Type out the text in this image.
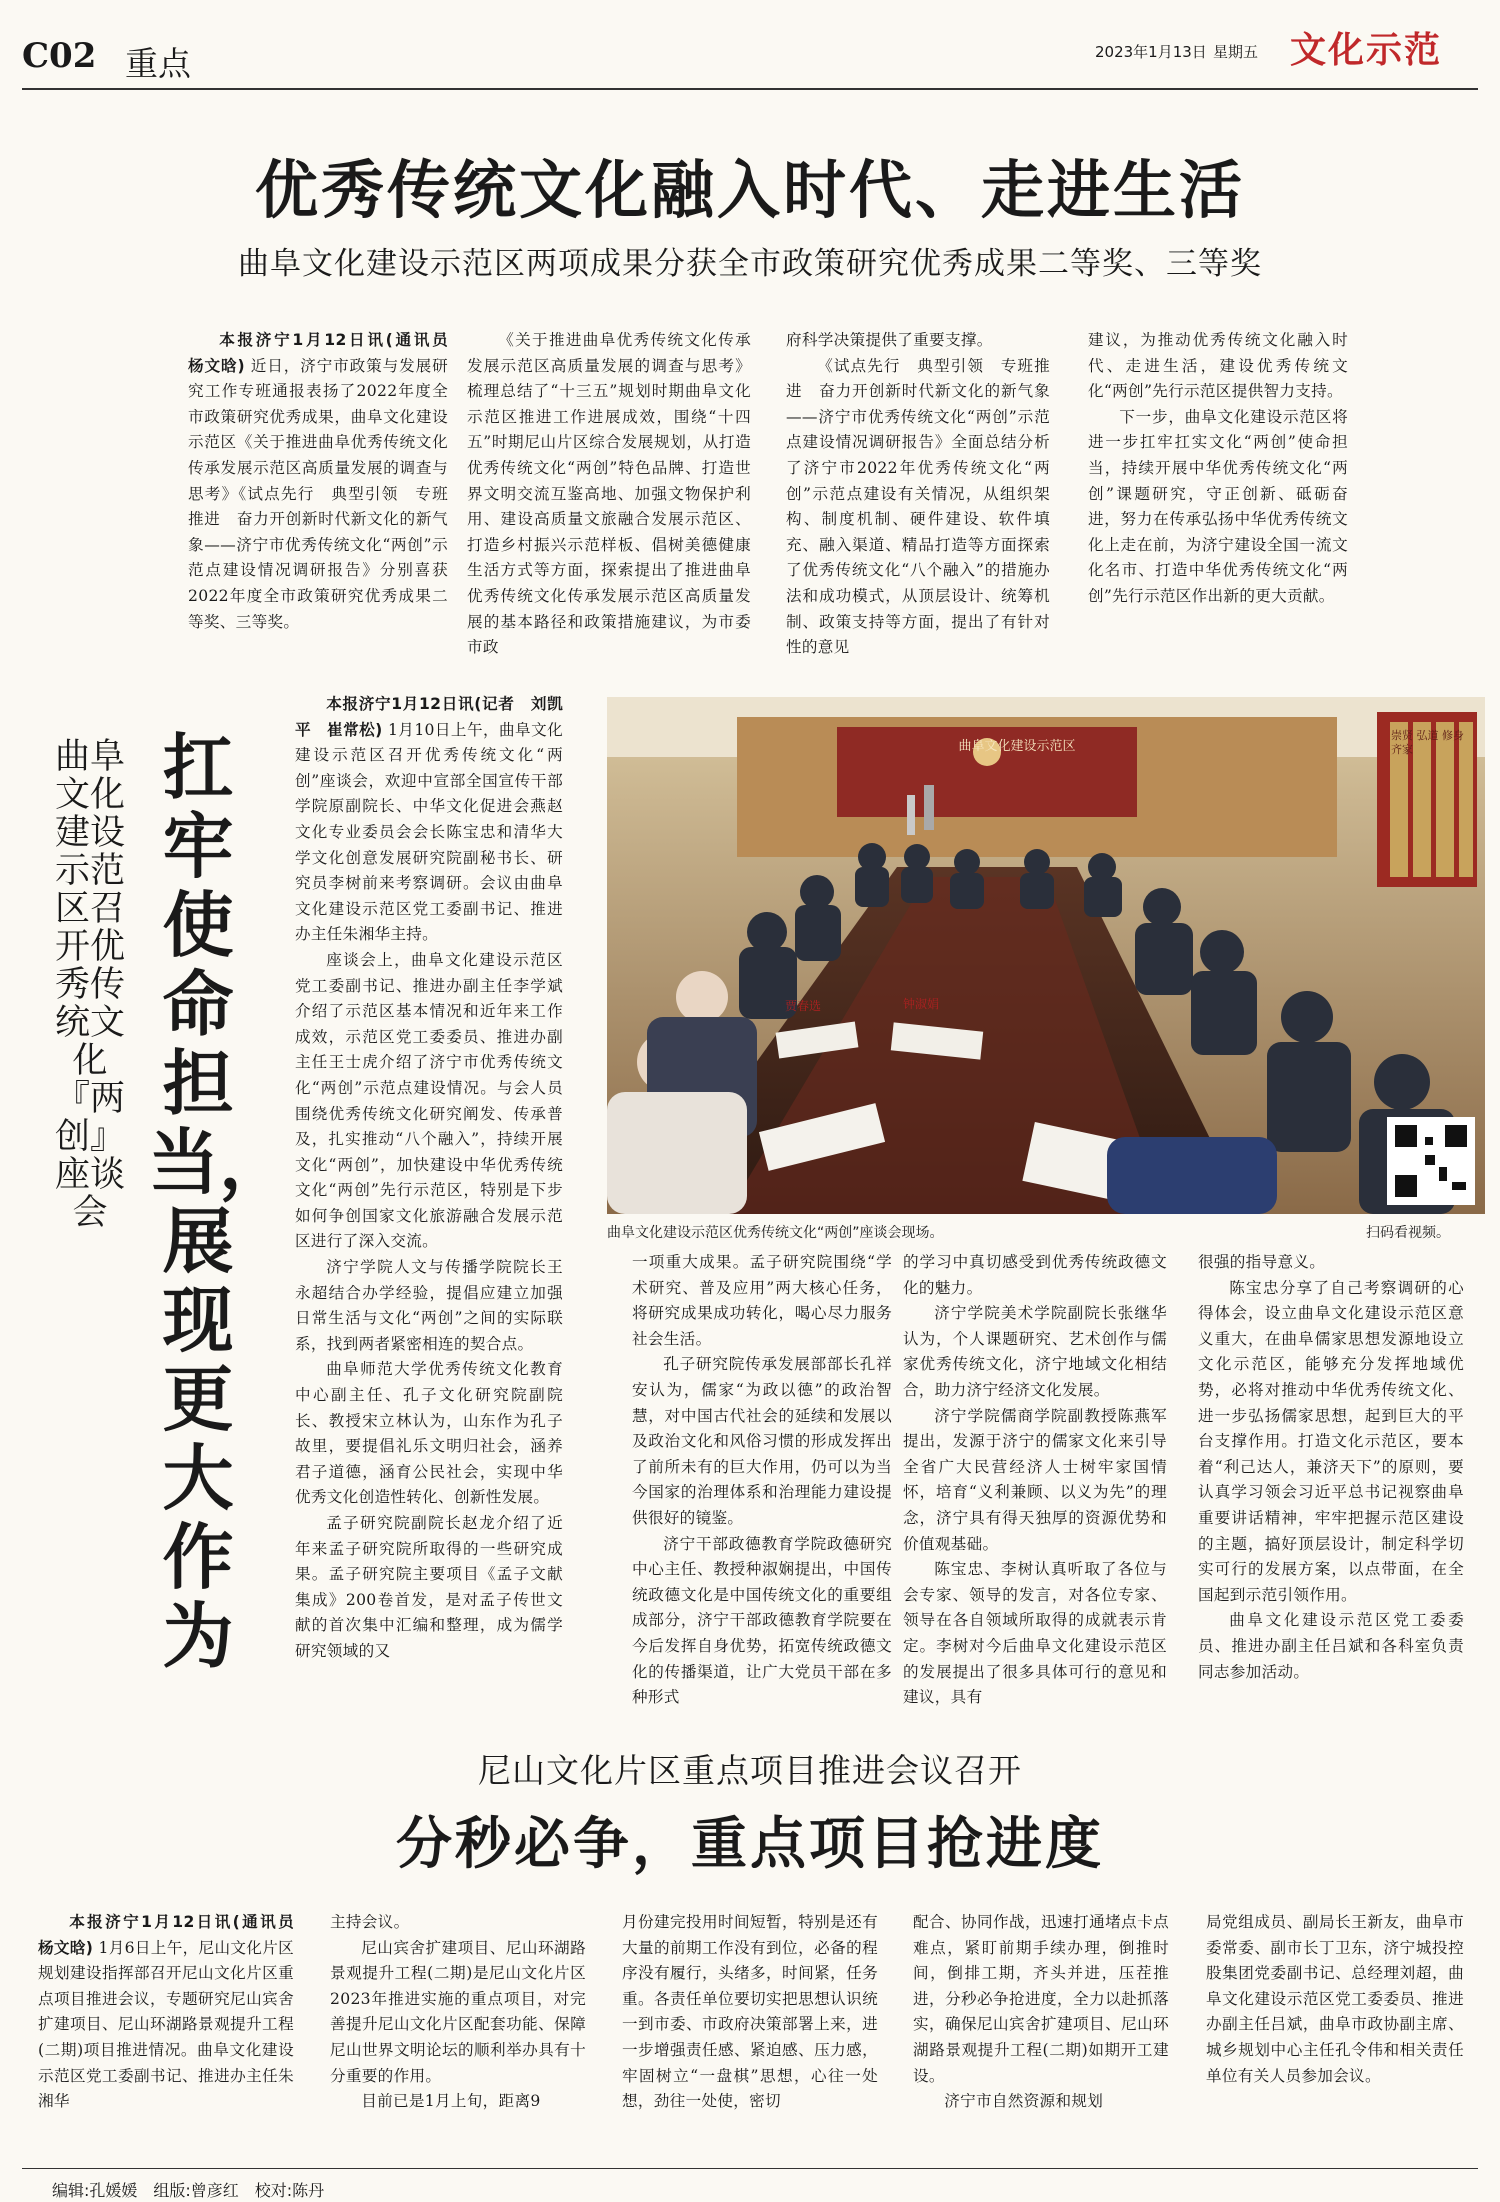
C02 重点	2023年1月13日 星期五 文化示范
优秀传统文化融入时代、走进生活
曲阜文化建设示范区两项成果分获全市政策研究优秀成果二等奖、三等奖

本报济宁1月12日讯(通讯员　杨文晗) 近日，济宁市政策与发展研究工作专班通报表扬了2022年度全市政策研究优秀成果，曲阜文化建设示范区《关于推进曲阜优秀传统文化传承发展示范区高质量发展的调查与思考》《试点先行　典型引领　专班推进　奋力开创新时代新文化的新气象——济宁市优秀传统文化“两创”示范点建设情况调研报告》分别喜获2022年度全市政策研究优秀成果二等奖、三等奖。

《关于推进曲阜优秀传统文化传承发展示范区高质量发展的调查与思考》梳理总结了“十三五”规划时期曲阜文化示范区推进工作进展成效，围绕“十四五”时期尼山片区综合发展规划，从打造优秀传统文化“两创”特色品牌、打造世界文明交流互鉴高地、加强文物保护利用、建设高质量文旅融合发展示范区、打造乡村振兴示范样板、倡树美德健康生活方式等方面，探索提出了推进曲阜优秀传统文化传承发展示范区高质量发展的基本路径和政策措施建议，为市委市政

府科学决策提供了重要支撑。

《试点先行　典型引领　专班推进　奋力开创新时代新文化的新气象——济宁市优秀传统文化“两创”示范点建设情况调研报告》全面总结分析了济宁市2022年优秀传统文化“两创”示范点建设有关情况，从组织架构、制度机制、硬件建设、软件填充、融入渠道、精品打造等方面探索了优秀传统文化“八个融入”的措施办法和成功模式，从顶层设计、统筹机制、政策支持等方面，提出了有针对性的意见

建议，为推动优秀传统文化融入时代、走进生活，建设优秀传统文化“两创”先行示范区提供智力支持。

下一步，曲阜文化建设示范区将进一步扛牢扛实文化“两创”使命担当，持续开展中华优秀传统文化“两创”课题研究，守正创新、砥砺奋进，努力在传承弘扬中华优秀传统文化上走在前，为济宁建设全国一流文化名市、打造中华优秀传统文化“两创”先行示范区作出新的更大贡献。

扛牢使命担当，展现更大作为
曲阜文化建设示范区召开优秀传统文化『两创』座谈会

本报济宁1月12日讯(记者　刘凯平　崔常松) 1月10日上午，曲阜文化建设示范区召开优秀传统文化“两创”座谈会，欢迎中宣部全国宣传干部学院原副院长、中华文化促进会燕赵文化专业委员会会长陈宝忠和清华大学文化创意发展研究院副秘书长、研究员李树前来考察调研。会议由曲阜文化建设示范区党工委副书记、推进办主任朱湘华主持。

座谈会上，曲阜文化建设示范区党工委副书记、推进办副主任李学斌介绍了示范区基本情况和近年来工作成效，示范区党工委委员、推进办副主任王士虎介绍了济宁市优秀传统文化“两创”示范点建设情况。与会人员围绕优秀传统文化研究阐发、传承普及，扎实推动“八个融入”，持续开展文化“两创”，加快建设中华优秀传统文化“两创”先行示范区，特别是下步如何争创国家文化旅游融合发展示范区进行了深入交流。

济宁学院人文与传播学院院长王永超结合办学经验，提倡应建立加强日常生活与文化“两创”之间的实际联系，找到两者紧密相连的契合点。

曲阜师范大学优秀传统文化教育中心副主任、孔子文化研究院副院长、教授宋立林认为，山东作为孔子故里，要提倡礼乐文明归社会，涵养君子道德，涵育公民社会，实现中华优秀文化创造性转化、创新性发展。

孟子研究院副院长赵龙介绍了近年来孟子研究院所取得的一些研究成果。孟子研究院主要项目《孟子文献集成》200卷首发，是对孟子传世文献的首次集中汇编和整理，成为儒学研究领域的又

曲阜文化建设示范区
贾春选	钟淑娟
崇贤 弘道 修身 齐家
曲阜文化建设示范区优秀传统文化“两创”座谈会现场。	扫码看视频。

一项重大成果。孟子研究院围绕“学术研究、普及应用”两大核心任务，将研究成果成功转化，喝心尽力服务社会生活。

孔子研究院传承发展部部长孔祥安认为，儒家“为政以德”的政治智慧，对中国古代社会的延续和发展以及政治文化和风俗习惯的形成发挥出了前所未有的巨大作用，仍可以为当今国家的治理体系和治理能力建设提供很好的镜鉴。

济宁干部政德教育学院政德研究中心主任、教授种淑娴提出，中国传统政德文化是中国传统文化的重要组成部分，济宁干部政德教育学院要在今后发挥自身优势，拓宽传统政德文化的传播渠道，让广大党员干部在多种形式

的学习中真切感受到优秀传统政德文化的魅力。

济宁学院美术学院副院长张继华认为，个人课题研究、艺术创作与儒家优秀传统文化，济宁地域文化相结合，助力济宁经济文化发展。

济宁学院儒商学院副教授陈燕军提出，发源于济宁的儒家文化来引导全省广大民营经济人士树牢家国情怀，培育“义利兼顾、以义为先”的理念，济宁具有得天独厚的资源优势和价值观基础。

陈宝忠、李树认真听取了各位与会专家、领导的发言，对各位专家、领导在各自领域所取得的成就表示肯定。李树对今后曲阜文化建设示范区的发展提出了很多具体可行的意见和建议，具有

很强的指导意义。

陈宝忠分享了自己考察调研的心得体会，设立曲阜文化建设示范区意义重大，在曲阜儒家思想发源地设立文化示范区，能够充分发挥地域优势，必将对推动中华优秀传统文化、进一步弘扬儒家思想，起到巨大的平台支撑作用。打造文化示范区，要本着“利己达人，兼济天下”的原则，要认真学习领会习近平总书记视察曲阜重要讲话精神，牢牢把握示范区建设的主题，搞好顶层设计，制定科学切实可行的发展方案，以点带面，在全国起到示范引领作用。

曲阜文化建设示范区党工委委员、推进办副主任吕斌和各科室负责同志参加活动。

尼山文化片区重点项目推进会议召开
分秒必争，重点项目抢进度

本报济宁1月12日讯(通讯员　杨文晗) 1月6日上午，尼山文化片区规划建设指挥部召开尼山文化片区重点项目推进会议，专题研究尼山宾舍扩建项目、尼山环湖路景观提升工程(二期)项目推进情况。曲阜文化建设示范区党工委副书记、推进办主任朱湘华

主持会议。

尼山宾舍扩建项目、尼山环湖路景观提升工程(二期)是尼山文化片区2023年推进实施的重点项目，对完善提升尼山文化片区配套功能、保障尼山世界文明论坛的顺利举办具有十分重要的作用。

目前已是1月上旬，距离9

月份建完投用时间短暂，特别是还有大量的前期工作没有到位，必备的程序没有履行，头绪多，时间紧，任务重。各责任单位要切实把思想认识统一到市委、市政府决策部署上来，进一步增强责任感、紧迫感、压力感，牢固树立“一盘棋”思想，心往一处想，劲往一处使，密切

配合、协同作战，迅速打通堵点卡点难点，紧盯前期手续办理，倒推时间，倒排工期，齐头并进，压茬推进，分秒必争抢进度，全力以赴抓落实，确保尼山宾舍扩建项目、尼山环湖路景观提升工程(二期)如期开工建设。

济宁市自然资源和规划

局党组成员、副局长王新友，曲阜市委常委、副市长丁卫东，济宁城投控股集团党委副书记、总经理刘超，曲阜文化建设示范区党工委委员、推进办副主任吕斌，曲阜市政协副主席、城乡规划中心主任孔令伟和相关责任单位有关人员参加会议。

编辑:孔媛媛　组版:曾彦红　校对:陈丹
